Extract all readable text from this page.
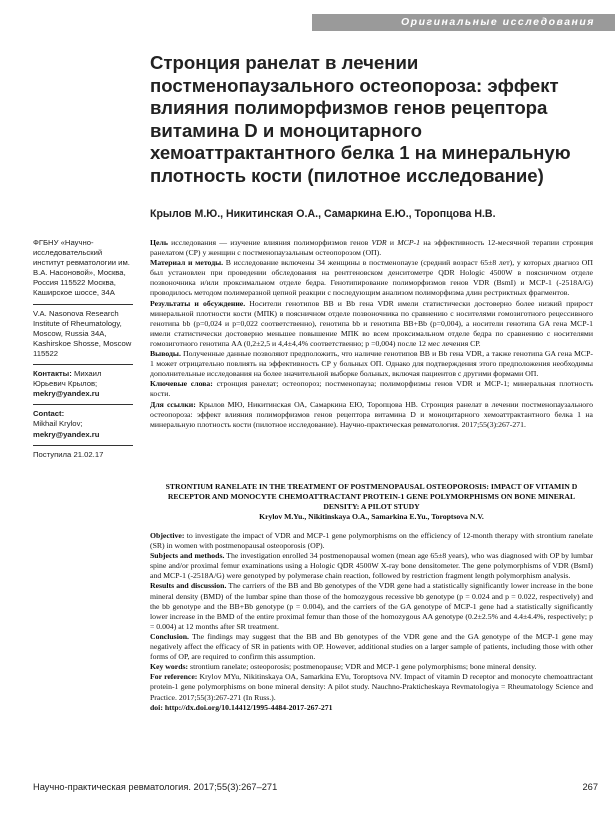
Оригинальные исследования
Стронция ранелат в лечении постменопаузального остеопороза: эффект влияния полиморфизмов генов рецептора витамина D и моноцитарного хемоаттрактантного белка 1 на минеральную плотность кости (пилотное исследование)
Крылов М.Ю., Никитинская О.А., Самаркина Е.Ю., Торопцова Н.В.
ФГБНУ «Научно-исследовательский институт ревматологии им. В.А. Насоновой», Москва, Россия 115522 Москва, Каширское шоссе, 34А
V.A. Nasonova Research Institute of Rheumatology, Moscow, Russia 34A, Kashirskoe Shosse, Moscow 115522
Контакты: Михаил Юрьевич Крылов;
mekry@yandex.ru
Contact:
Mikhail Krylov;
mekry@yandex.ru
Поступила 21.02.17

Цель исследования — изучение влияния полиморфизмов генов VDR и MCP-1 на эффективность 12-месячной терапии стронция ранелатом (СР) у женщин с постменопаузальным остеопорозом (ОП).

Материал и методы. В исследование включены 34 женщины в постменопаузе (средний возраст 65±8 лет), у которых диагноз ОП был установлен при проведении обследования на рентгеновском денситометре QDR Hologic 4500W в поясничном отделе позвоночника и/или проксимальном отделе бедра. Генотипирование полиморфизмов генов VDR (BsmI) и MCP-1 (-2518A/G) проводилось методом полимеразной цепной реакции с последующим анализом полиморфизма длин рестриктных фрагментов.

Результаты и обсуждение. Носители генотипов BB и Bb гена VDR имели статистически достоверно более низкий прирост минеральной плотности кости (МПК) в поясничном отделе позвоночника по сравнению с носителями гомозиготного рецессивного генотипа bb (p=0,024 и p=0,022 соответственно), генотипа bb и генотипа BB+Bb (p=0,004), а носители генотипа GA гена MCP-1 имели статистически достоверно меньшее повышение МПК во всем проксимальном отделе бедра по сравнению с носителями гомозиготного генотипа AA (0,2±2,5 и 4,4±4,4% соответственно; p =0,004) после 12 мес лечения СР.

Выводы. Полученные данные позволяют предположить, что наличие генотипов BB и Bb гена VDR, а также генотипа GA гена MCP-1 может отрицательно повлиять на эффективность СР у больных ОП. Однако для подтверждения этого предположения необходимы дополнительные исследования на более значительной выборке больных, включая пациентов с другими формами ОП.

Ключевые слова: стронция ранелат; остеопороз; постменопауза; полиморфизмы генов VDR и MCP-1; минеральная плотность кости.

Для ссылки: Крылов МЮ, Никитинская ОА, Самаркина ЕЮ, Торопцова НВ. Стронция ранелат в лечении постменопаузального остеопороза: эффект влияния полиморфизмов генов рецептора витамина D и моноцитарного хемоаттрактантного белка 1 на минеральную плотность кости (пилотное исследование). Научно-практическая ревматология. 2017;55(3):267-271.

STRONTIUM RANELATE IN THE TREATMENT OF POSTMENOPAUSAL OSTEOPOROSIS: IMPACT OF VITAMIN D RECEPTOR AND MONOCYTE CHEMOATTRACTANT PROTEIN-1 GENE POLYMORPHISMS ON BONE MINERAL DENSITY: A PILOT STUDY
Krylov M.Yu., Nikitinskaya O.A., Samarkina E.Yu., Toroptsova N.V.

Objective: to investigate the impact of VDR and MCP-1 gene polymorphisms on the efficiency of 12-month therapy with strontium ranelate (SR) in women with postmenopausal osteoporosis (OP).

Subjects and methods. The investigation enrolled 34 postmenopausal women (mean age 65±8 years), who was diagnosed with OP by lumbar spine and/or proximal femur examinations using a Hologic QDR 4500W X-ray bone densitometer. The gene polymorphisms of VDR (BsmI) and MCP-1 (-2518A/G) were genotyped by polymerase chain reaction, followed by restriction fragment length polymorphism analysis.

Results and discussion. The carriers of the BB and Bb genotypes of the VDR gene had a statistically significantly lower increase in the bone mineral density (BMD) of the lumbar spine than those of the homozygous recessive bb genotype (p = 0.024 and p = 0.022, respectively) and the bb genotype and the BB+Bb genotype (p = 0.004), and the carriers of the GA genotype of MCP-1 gene had a statistically significantly lower increase in the BMD of the entire proximal femur than those of the homozygous AA genotype (0.2±2.5% and 4.4±4.4%, respectively; p = 0.004) at 12 months after SR treatment.

Conclusion. The findings may suggest that the BB and Bb genotypes of the VDR gene and the GA genotype of the MCP-1 gene may negatively affect the efficacy of SR in patients with OP. However, additional studies on a larger sample of patients, including those with other forms of OP, are required to confirm this assumption.

Key words: strontium ranelate; osteoporosis; postmenopause; VDR and MCP-1 gene polymorphisms; bone mineral density.

For reference: Krylov MYu, Nikitinskaya OA, Samarkina EYu, Toroptsova NV. Impact of vitamin D receptor and monocyte chemoattractant protein-1 gene polymorphisms on bone mineral density: A pilot study. Nauchno-Prakticheskaya Revmatologiya = Rheumatology Science and Practice. 2017;55(3):267-271 (In Russ.).

doi: http://dx.doi.org/10.14412/1995-4484-2017-267-271

Научно-практическая ревматология. 2017;55(3):267–271	267
